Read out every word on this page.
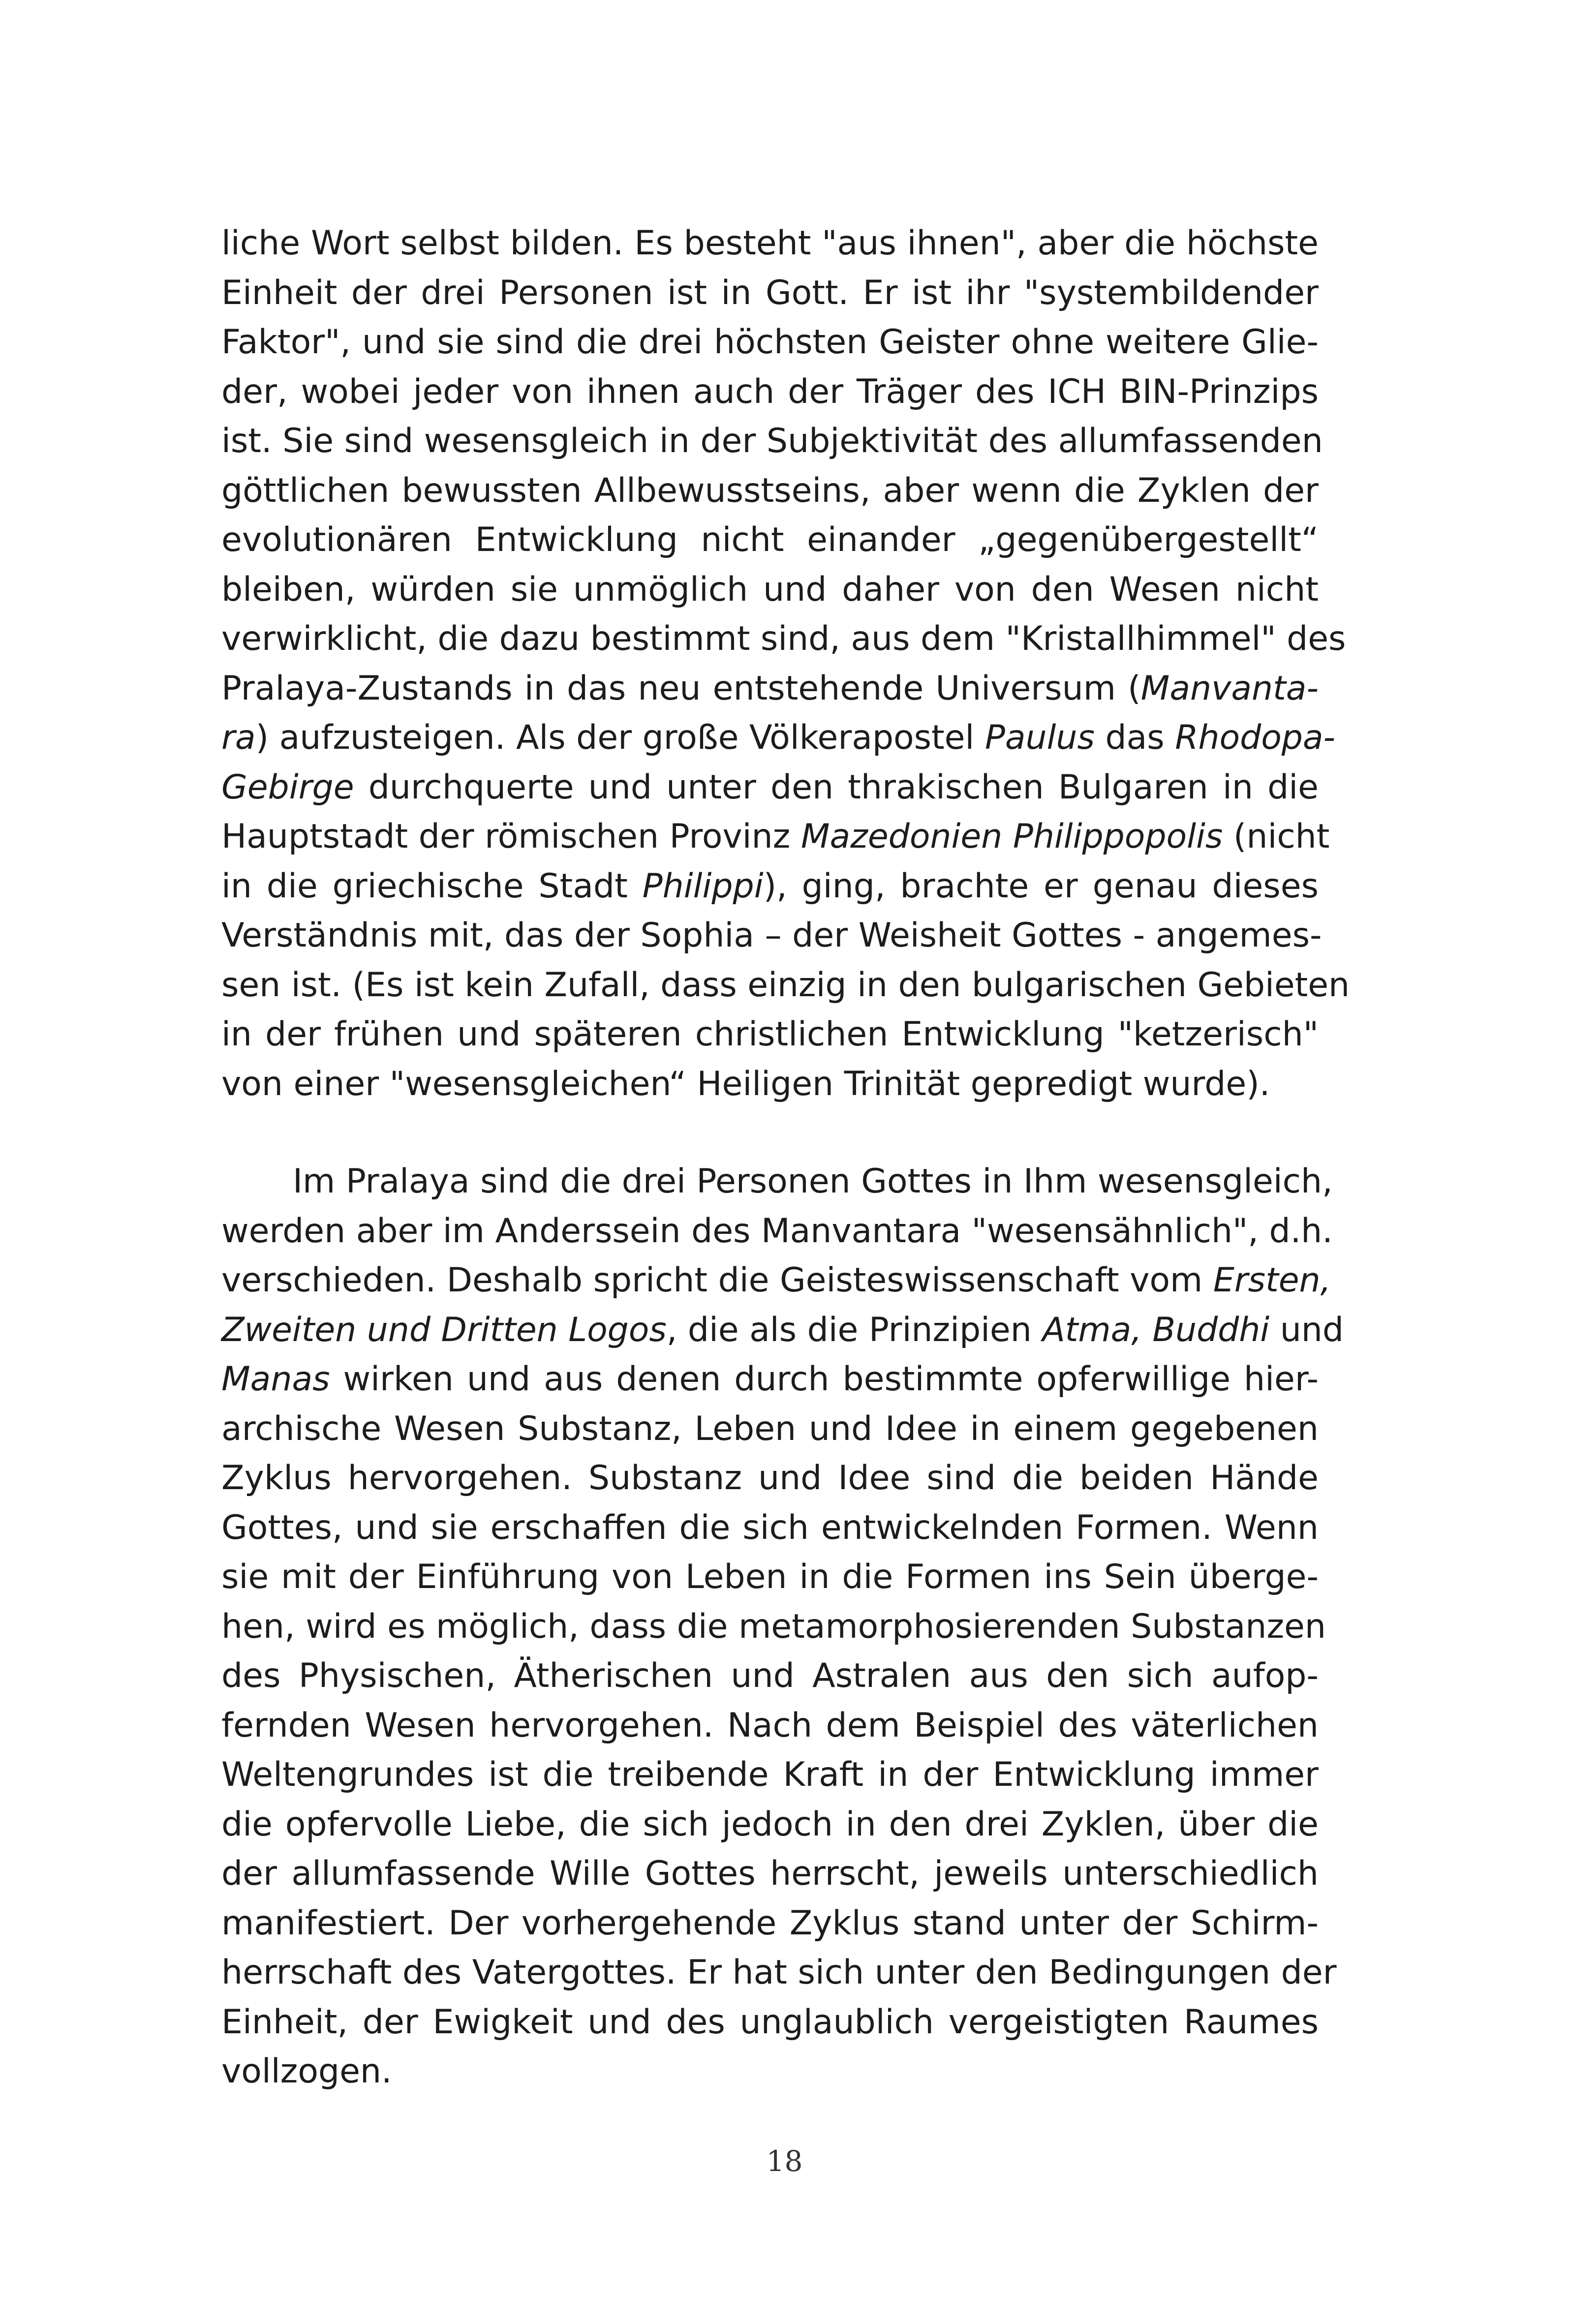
liche Wort selbst bilden. Es besteht "aus ihnen", aber die höchste
Einheit der drei Personen ist in Gott. Er ist ihr "systembildender
Faktor", und sie sind die drei höchsten Geister ohne weitere Glie-
der, wobei jeder von ihnen auch der Träger des ICH BIN-Prinzips
ist. Sie sind wesensgleich in der Subjektivität des allumfassenden
göttlichen bewussten Allbewusstseins, aber wenn die Zyklen der
evolutionären Entwicklung nicht einander „gegenübergestellt“
bleiben, würden sie unmöglich und daher von den Wesen nicht
verwirklicht, die dazu bestimmt sind, aus dem "Kristallhimmel" des
Pralaya-Zustands in das neu entstehende Universum (Manvanta-
ra) aufzusteigen. Als der große Völkerapostel Paulus das Rhodopa-
Gebirge durchquerte und unter den thrakischen Bulgaren in die
Hauptstadt der römischen Provinz Mazedonien Philippopolis (nicht
in die griechische Stadt Philippi), ging, brachte er genau dieses
Verständnis mit, das der Sophia – der Weisheit Gottes - angemes-
sen ist. (Es ist kein Zufall, dass einzig in den bulgarischen Gebieten
in der frühen und späteren christlichen Entwicklung "ketzerisch"
von einer "wesensgleichen“ Heiligen Trinität gepredigt wurde).
Im Pralaya sind die drei Personen Gottes in Ihm wesensgleich,
werden aber im Anderssein des Manvantara "wesensähnlich", d.h.
verschieden. Deshalb spricht die Geisteswissenschaft vom Ersten,
Zweiten und Dritten Logos, die als die Prinzipien Atma, Buddhi und
Manas wirken und aus denen durch bestimmte opferwillige hier-
archische Wesen Substanz, Leben und Idee in einem gegebenen
Zyklus hervorgehen. Substanz und Idee sind die beiden Hände
Gottes, und sie erschaffen die sich entwickelnden Formen. Wenn
sie mit der Einführung von Leben in die Formen ins Sein überge-
hen, wird es möglich, dass die metamorphosierenden Substanzen
des Physischen, Ätherischen und Astralen aus den sich aufop-
fernden Wesen hervorgehen. Nach dem Beispiel des väterlichen
Weltengrundes ist die treibende Kraft in der Entwicklung immer
die opfervolle Liebe, die sich jedoch in den drei Zyklen, über die
der allumfassende Wille Gottes herrscht, jeweils unterschiedlich
manifestiert. Der vorhergehende Zyklus stand unter der Schirm-
herrschaft des Vatergottes. Er hat sich unter den Bedingungen der
Einheit, der Ewigkeit und des unglaublich vergeistigten Raumes
vollzogen.
18
